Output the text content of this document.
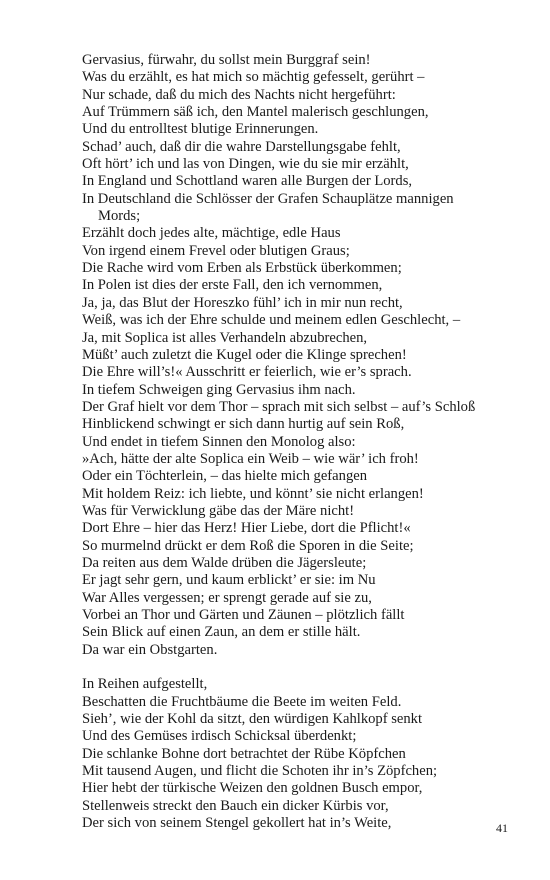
Gervasius, fürwahr, du sollst mein Burggraf sein!
Was du erzählt, es hat mich so mächtig gefesselt, gerührt –
Nur schade, daß du mich des Nachts nicht hergeführt:
Auf Trümmern säß ich, den Mantel malerisch geschlungen,
Und du entrolltest blutige Erinnerungen.
Schad’ auch, daß dir die wahre Darstellungsgabe fehlt,
Oft hört’ ich und las von Dingen, wie du sie mir erzählt,
In England und Schottland waren alle Burgen der Lords,
In Deutschland die Schlösser der Grafen Schauplätze mannigen
Mords;
Erzählt doch jedes alte, mächtige, edle Haus
Von irgend einem Frevel oder blutigen Graus;
Die Rache wird vom Erben als Erbstück überkommen;
In Polen ist dies der erste Fall, den ich vernommen,
Ja, ja, das Blut der Horeszko fühl’ ich in mir nun recht,
Weiß, was ich der Ehre schulde und meinem edlen Geschlecht, –
Ja, mit Soplica ist alles Verhandeln abzubrechen,
Müßt’ auch zuletzt die Kugel oder die Klinge sprechen!
Die Ehre will’s!« Ausschritt er feierlich, wie er’s sprach.
In tiefem Schweigen ging Gervasius ihm nach.
Der Graf hielt vor dem Thor – sprach mit sich selbst – auf’s Schloß
Hinblickend schwingt er sich dann hurtig auf sein Roß,
Und endet in tiefem Sinnen den Monolog also:
»Ach, hätte der alte Soplica ein Weib – wie wär’ ich froh!
Oder ein Töchterlein, – das hielte mich gefangen
Mit holdem Reiz: ich liebte, und könnt’ sie nicht erlangen!
Was für Verwicklung gäbe das der Märe nicht!
Dort Ehre – hier das Herz! Hier Liebe, dort die Pflicht!«
So murmelnd drückt er dem Roß die Sporen in die Seite;
Da reiten aus dem Walde drüben die Jägersleute;
Er jagt sehr gern, und kaum erblickt’ er sie: im Nu
War Alles vergessen; er sprengt gerade auf sie zu,
Vorbei an Thor und Gärten und Zäunen – plötzlich fällt
Sein Blick auf einen Zaun, an dem er stille hält.
Da war ein Obstgarten.
In Reihen aufgestellt,
Beschatten die Fruchtbäume die Beete im weiten Feld.
Sieh’, wie der Kohl da sitzt, den würdigen Kahlkopf senkt
Und des Gemüses irdisch Schicksal überdenkt;
Die schlanke Bohne dort betrachtet der Rübe Köpfchen
Mit tausend Augen, und flicht die Schoten ihr in’s Zöpfchen;
Hier hebt der türkische Weizen den goldnen Busch empor,
Stellenweis streckt den Bauch ein dicker Kürbis vor,
Der sich von seinem Stengel gekollert hat in’s Weite,	41
